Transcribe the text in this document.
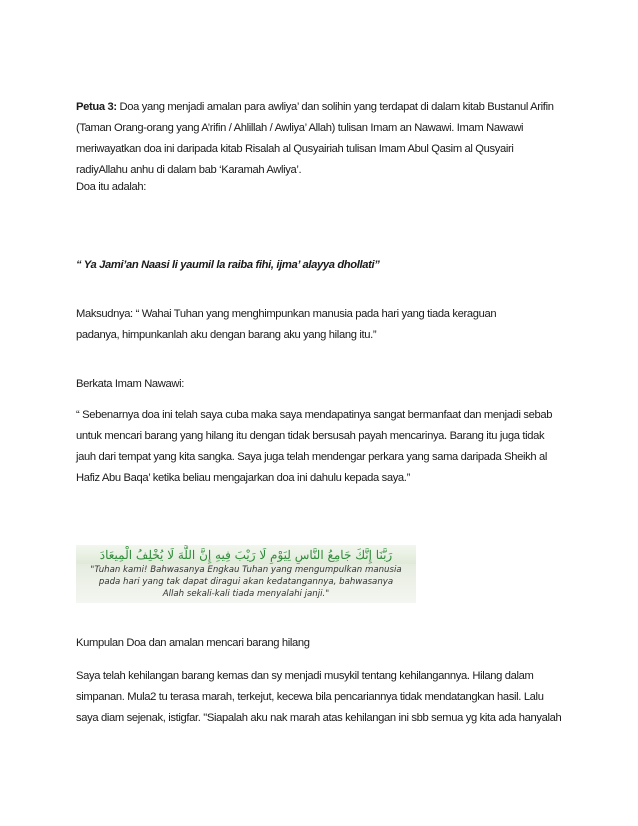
Petua 3: Doa yang menjadi amalan para awliya’ dan solihin yang terdapat di dalam kitab Bustanul Arifin
(Taman Orang-orang yang A’rifin / Ahlillah / Awliya’ Allah) tulisan Imam an Nawawi. Imam Nawawi
meriwayatkan doa ini daripada kitab Risalah al Qusyairiah tulisan Imam Abul Qasim al Qusyairi
radiyAllahu anhu di dalam bab ‘Karamah Awliya’.

Doa itu adalah:

“ Ya Jami’an Naasi li yaumil la raiba fihi, ijma’ alayya dhollati”

Maksudnya: “ Wahai Tuhan yang menghimpunkan manusia pada hari yang tiada keraguan
padanya, himpunkanlah aku dengan barang aku yang hilang itu.”

Berkata Imam Nawawi:

“ Sebenarnya doa ini telah saya cuba maka saya mendapatinya sangat bermanfaat dan menjadi sebab
untuk mencari barang yang hilang itu dengan tidak bersusah payah mencarinya. Barang itu juga tidak
jauh dari tempat yang kita sangka. Saya juga telah mendengar perkara yang sama daripada Sheikh al
Hafiz Abu Baqa’ ketika beliau mengajarkan doa ini dahulu kepada saya.”

رَبَّنَا إِنَّكَ جَامِعُ النَّاسِ لِيَوْمٍ لَا رَيْبَ فِيهِ إِنَّ اللَّهَ لَا يُخْلِفُ الْمِيعَادَ
"Tuhan kami! Bahwasanya Engkau Tuhan yang mengumpulkan manusia
pada hari yang tak dapat diragui akan kedatangannya, bahwasanya
Allah sekali-kali tiada menyalahi janji."

Kumpulan Doa dan amalan mencari barang hilang

Saya telah kehilangan barang kemas dan sy menjadi musykil tentang kehilangannya. Hilang dalam
simpanan. Mula2 tu terasa marah, terkejut, kecewa bila pencariannya tidak mendatangkan hasil. Lalu
saya diam sejenak, istigfar. "Siapalah aku nak marah atas kehilangan ini sbb semua yg kita ada hanyalah
